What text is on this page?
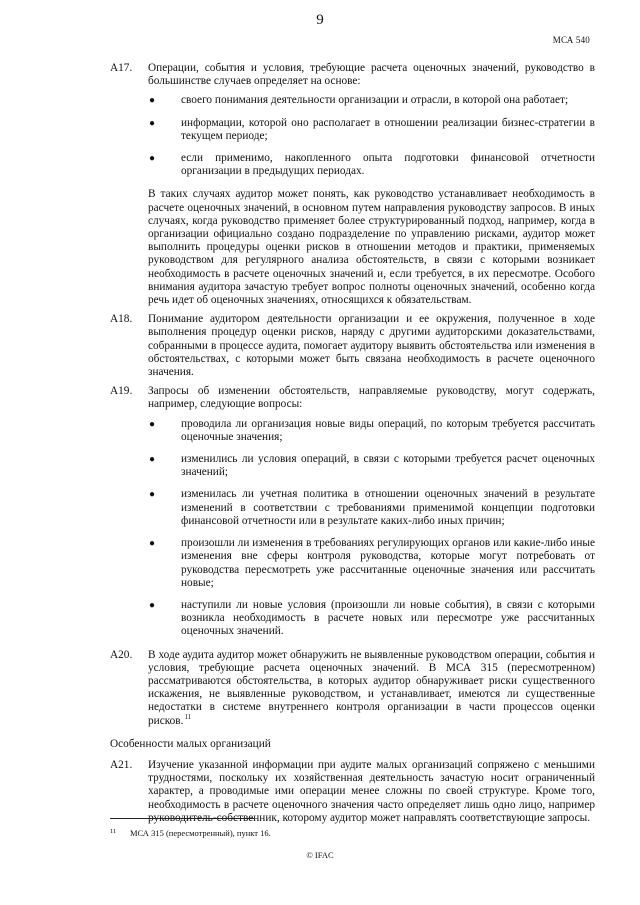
9
МСА 540
A17. Операции, события и условия, требующие расчета оценочных значений, руководство в большинстве случаев определяет на основе:

● своего понимания деятельности организации и отрасли, в которой она работает;
● информации, которой оно располагает в отношении реализации бизнес-стратегии в текущем периоде;
● если применимо, накопленного опыта подготовки финансовой отчетности организации в предыдущих периодах.

В таких случаях аудитор может понять, как руководство устанавливает необходимость в расчете оценочных значений, в основном путем направления руководству запросов. В иных случаях, когда руководство применяет более структурированный подход, например, когда в организации официально создано подразделение по управлению рисками, аудитор может выполнить процедуры оценки рисков в отношении методов и практики, применяемых руководством для регулярного анализа обстоятельств, в связи с которыми возникает необходимость в расчете оценочных значений и, если требуется, в их пересмотре. Особого внимания аудитора зачастую требует вопрос полноты оценочных значений, особенно когда речь идет об оценочных значениях, относящихся к обязательствам.

A18. Понимание аудитором деятельности организации и ее окружения, полученное в ходе выполнения процедур оценки рисков, наряду с другими аудиторскими доказательствами, собранными в процессе аудита, помогает аудитору выявить обстоятельства или изменения в обстоятельствах, с которыми может быть связана необходимость в расчете оценочного значения.

A19. Запросы об изменении обстоятельств, направляемые руководству, могут содержать, например, следующие вопросы:

● проводила ли организация новые виды операций, по которым требуется рассчитать оценочные значения;
● изменились ли условия операций, в связи с которыми требуется расчет оценочных значений;
● изменилась ли учетная политика в отношении оценочных значений в результате изменений в соответствии с требованиями применимой концепции подготовки финансовой отчетности или в результате каких-либо иных причин;
● произошли ли изменения в требованиях регулирующих органов или какие-либо иные изменения вне сферы контроля руководства, которые могут потребовать от руководства пересмотреть уже рассчитанные оценочные значения или рассчитать новые;
● наступили ли новые условия (произошли ли новые события), в связи с которыми возникла необходимость в расчете новых или пересмотре уже рассчитанных оценочных значений.
A20. В ходе аудита аудитор может обнаружить не выявленные руководством операции, события и условия, требующие расчета оценочных значений. В МСА 315 (пересмотренном) рассматриваются обстоятельства, в которых аудитор обнаруживает риски существенного искажения, не выявленные руководством, и устанавливает, имеются ли существенные недостатки в системе внутреннего контроля организации в части процессов оценки рисков.$^{11}$

Особенности малых организаций
A21. Изучение указанной информации при аудите малых организаций сопряжено с меньшими трудностями, поскольку их хозяйственная деятельность зачастую носит ограниченный характер, а проводимые ими операции менее сложны по своей структуре. Кроме того, необходимость в расчете оценочного значения часто определяет лишь одно лицо, например руководитель-собственник, которому аудитор может направлять соответствующие запросы.

11 МСА 315 (пересмотренный), пункт 16.
© IFAC
